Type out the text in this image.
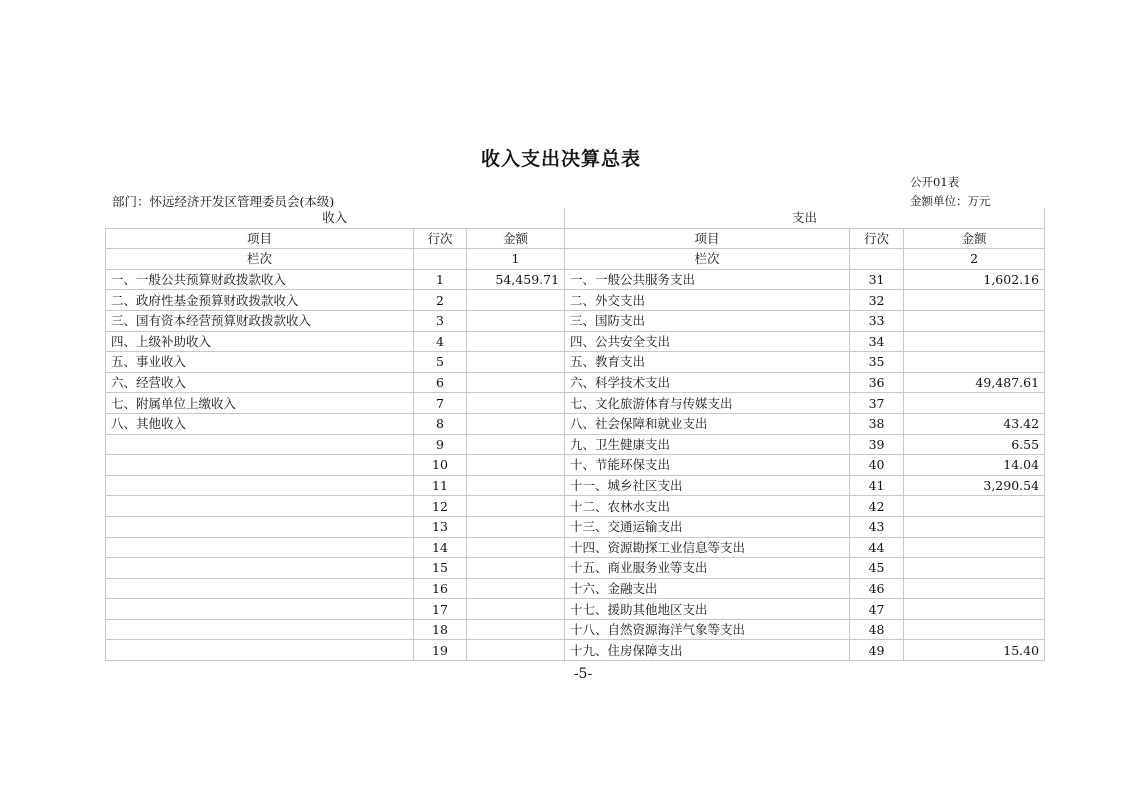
收入支出决算总表
公开01表
部门：怀远经济开发区管理委员会(本级)	金额单位：万元
收入			支出		
项目	行次	金额	项目	行次	金额
栏次		1	栏次		2
一、一般公共预算财政拨款收入	1	54,459.71	一、一般公共服务支出	31	1,602.16
二、政府性基金预算财政拨款收入	2		二、外交支出	32	
三、国有资本经营预算财政拨款收入	3		三、国防支出	33	
四、上级补助收入	4		四、公共安全支出	34	
五、事业收入	5		五、教育支出	35	
六、经营收入	6		六、科学技术支出	36	49,487.61
七、附属单位上缴收入	7		七、文化旅游体育与传媒支出	37	
八、其他收入	8		八、社会保障和就业支出	38	43.42
	9		九、卫生健康支出	39	6.55
	10		十、节能环保支出	40	14.04
	11		十一、城乡社区支出	41	3,290.54
	12		十二、农林水支出	42	
	13		十三、交通运输支出	43	
	14		十四、资源勘探工业信息等支出	44	
	15		十五、商业服务业等支出	45	
	16		十六、金融支出	46	
	17		十七、援助其他地区支出	47	
	18		十八、自然资源海洋气象等支出	48	
	19		十九、住房保障支出	49	15.40
-5-
